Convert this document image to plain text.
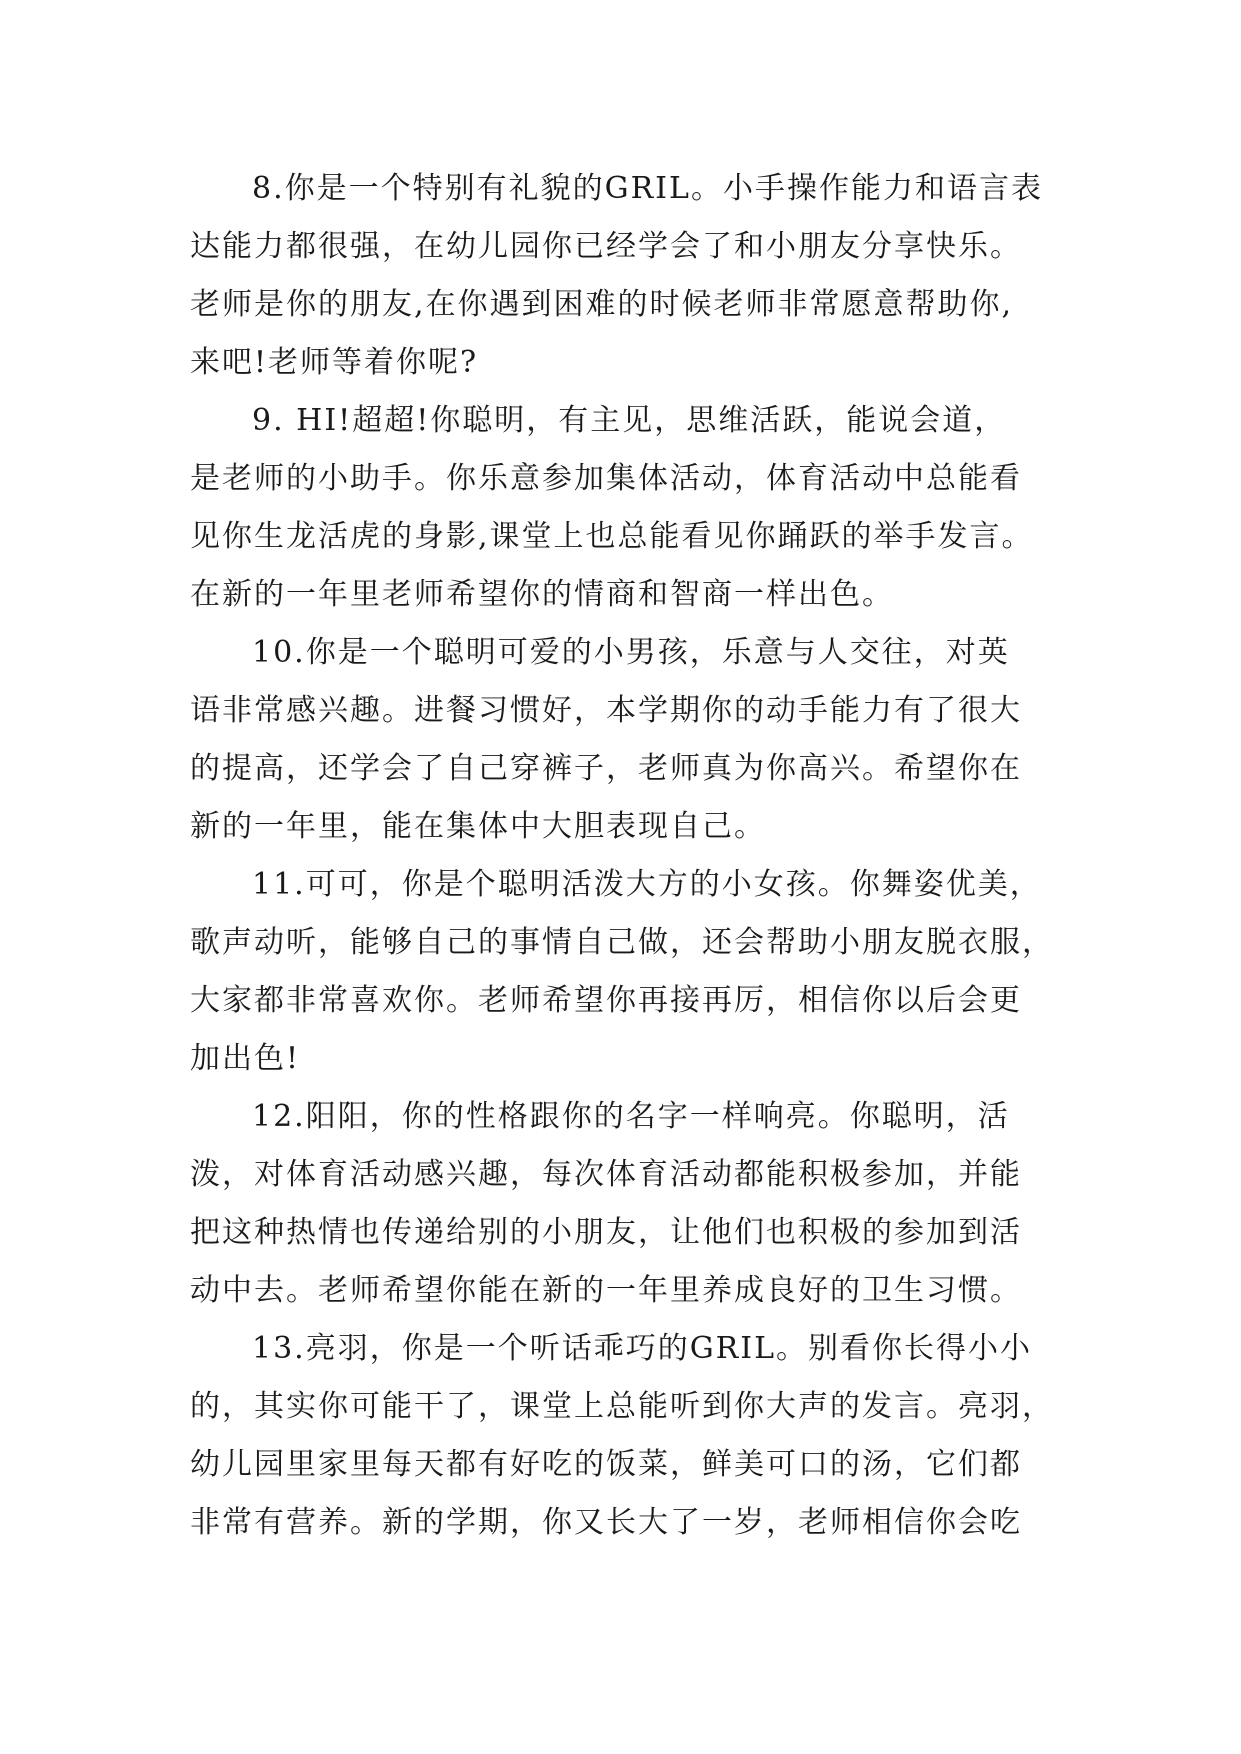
8.你是一个特别有礼貌的GRIL。小手操作能力和语言表
达能力都很强，在幼儿园你已经学会了和小朋友分享快乐。
老师是你的朋友,在你遇到困难的时候老师非常愿意帮助你,
来吧!老师等着你呢?
9. HI!超超!你聪明，有主见，思维活跃，能说会道，
是老师的小助手。你乐意参加集体活动，体育活动中总能看
见你生龙活虎的身影,课堂上也总能看见你踊跃的举手发言。
在新的一年里老师希望你的情商和智商一样出色。
10.你是一个聪明可爱的小男孩，乐意与人交往，对英
语非常感兴趣。进餐习惯好，本学期你的动手能力有了很大
的提高，还学会了自己穿裤子，老师真为你高兴。希望你在
新的一年里，能在集体中大胆表现自己。
11.可可，你是个聪明活泼大方的小女孩。你舞姿优美，
歌声动听，能够自己的事情自己做，还会帮助小朋友脱衣服，
大家都非常喜欢你。老师希望你再接再厉，相信你以后会更
加出色!
12.阳阳，你的性格跟你的名字一样响亮。你聪明，活
泼，对体育活动感兴趣，每次体育活动都能积极参加，并能
把这种热情也传递给别的小朋友，让他们也积极的参加到活
动中去。老师希望你能在新的一年里养成良好的卫生习惯。
13.亮羽，你是一个听话乖巧的GRIL。别看你长得小小
的，其实你可能干了，课堂上总能听到你大声的发言。亮羽，
幼儿园里家里每天都有好吃的饭菜，鲜美可口的汤，它们都
非常有营养。新的学期，你又长大了一岁，老师相信你会吃
